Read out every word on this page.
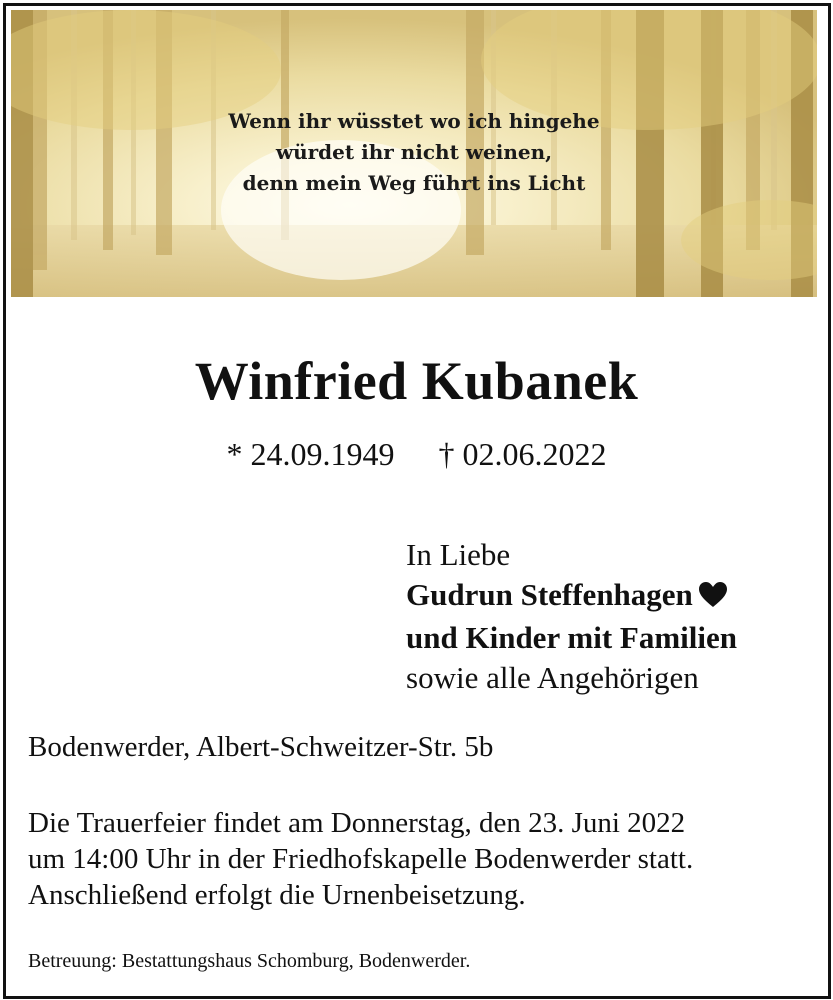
Wenn ihr wüsstet wo ich hingehe
würdet ihr nicht weinen,
denn mein Weg führt ins Licht
Winfried Kubanek
* 24.09.1949 † 02.06.2022
In Liebe
Gudrun Steffenhagen
und Kinder mit Familien
sowie alle Angehörigen
Bodenwerder, Albert-Schweitzer-Str. 5b
Die Trauerfeier findet am Donnerstag, den 23. Juni 2022
um 14:00 Uhr in der Friedhofskapelle Bodenwerder statt.
Anschließend erfolgt die Urnenbeisetzung.
Betreuung: Bestattungshaus Schomburg, Bodenwerder.
